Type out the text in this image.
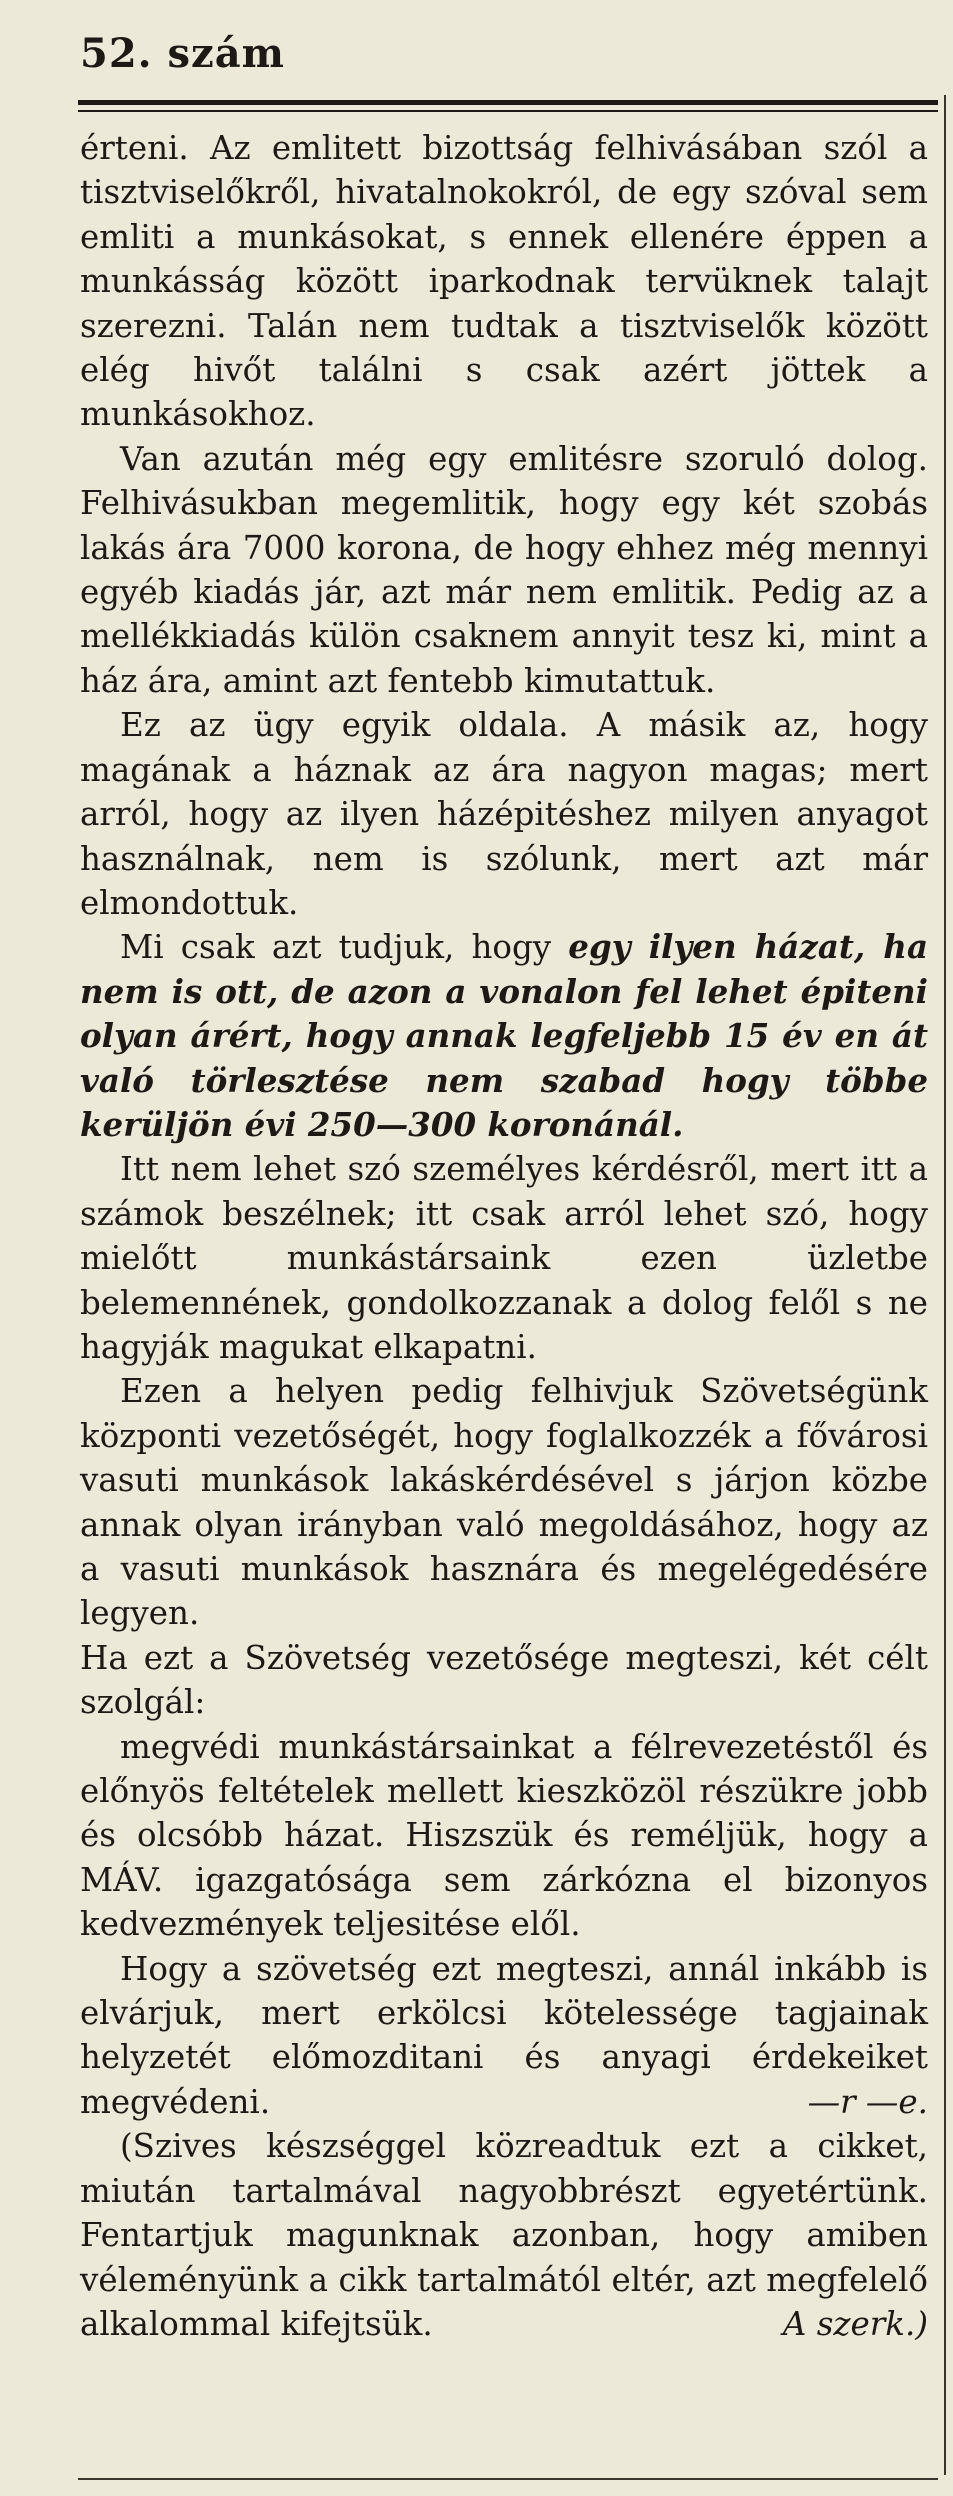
52. szám

érteni. Az emlitett bizottság felhivásában szól a tisztviselőkről, hivatalnokokról, de egy szóval sem emliti a munkásokat, s ennek ellenére éppen a munkásság között iparkodnak tervüknek talajt szerezni. Talán nem tudtak a tisztviselők között elég hivőt találni s csak azért jöttek a munkásokhoz.

Van azután még egy emlitésre szoruló dolog. Felhivásukban megemlitik, hogy egy két szobás lakás ára 7000 korona, de hogy ehhez még mennyi egyéb kiadás jár, azt már nem emlitik. Pedig az a mellékkiadás külön csaknem annyit tesz ki, mint a ház ára, amint azt fentebb kimutattuk.

Ez az ügy egyik oldala. A másik az, hogy magának a háznak az ára nagyon magas; mert arról, hogy az ilyen házépitéshez milyen anyagot használnak, nem is szólunk, mert azt már elmondottuk.

Mi csak azt tudjuk, hogy egy ilyen házat, ha nem is ott, de azon a vonalon fel lehet épiteni olyan árért, hogy annak legfeljebb 15 év en át való törlesztése nem szabad hogy többe kerüljön évi 250—300 koronánál.

Itt nem lehet szó személyes kérdésről, mert itt a számok beszélnek; itt csak arról lehet szó, hogy mielőtt munkástársaink ezen üzletbe belemennének, gondolkozzanak a dolog felől s ne hagyják magukat elkapatni.

Ezen a helyen pedig felhivjuk Szövetségünk központi vezetőségét, hogy foglalkozzék a fővárosi vasuti munkások lakáskérdésével s járjon közbe annak olyan irányban való megoldásához, hogy az a vasuti munkások hasznára és megelégedésére legyen.

Ha ezt a Szövetség vezetősége megteszi, két célt szolgál:

megvédi munkástársainkat a félrevezetéstől és előnyös feltételek mellett kieszközöl részükre jobb és olcsóbb házat. Hiszszük és reméljük, hogy a MÁV. igazgatósága sem zárkózna el bizonyos kedvezmények teljesitése elől.

Hogy a szövetség ezt megteszi, annál inkább is elvárjuk, mert erkölcsi kötelessége tagjainak helyzetét előmozditani és anyagi érdekeiket megvédeni.	—r —e.

(Szives készséggel közreadtuk ezt a cikket, miután tartalmával nagyobbrészt egyetértünk. Fentartjuk magunknak azonban, hogy amiben véleményünk a cikk tartalmától eltér, azt megfelelő alkalommal kifejtsük.	A szerk.)
